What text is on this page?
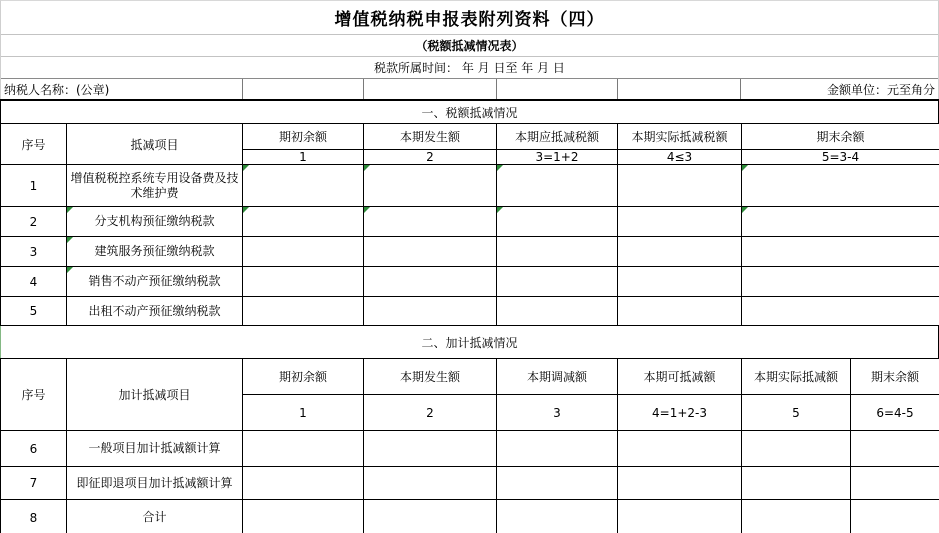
增值税纳税申报表附列资料（四）
（税额抵减情况表）
税款所属时间： 年 月 日至 年 月 日
纳税人名称：(公章)	金额单位：元至角分
一、税额抵减情况
序号	抵减项目	期初余额	本期发生额	本期应抵减税额	本期实际抵减税额	期末余额
		1	2	3=1+2	4≤3	5=3-4
1	增值税税控系统专用设备费及技术维护费	

2	分支机构预征缴纳税款	

3	建筑服务预征缴纳税款					
4	销售不动产预征缴纳税款					
5	出租不动产预征缴纳税款					
二、加计抵减情况
序号	加计抵减项目	期初余额	本期发生额	本期调减额	本期可抵减额	本期实际抵减额	期末余额
		1	2	3	4=1+2-3	5	6=4-5
6	一般项目加计抵减额计算						
7	即征即退项目加计抵减额计算						
8	合计						
